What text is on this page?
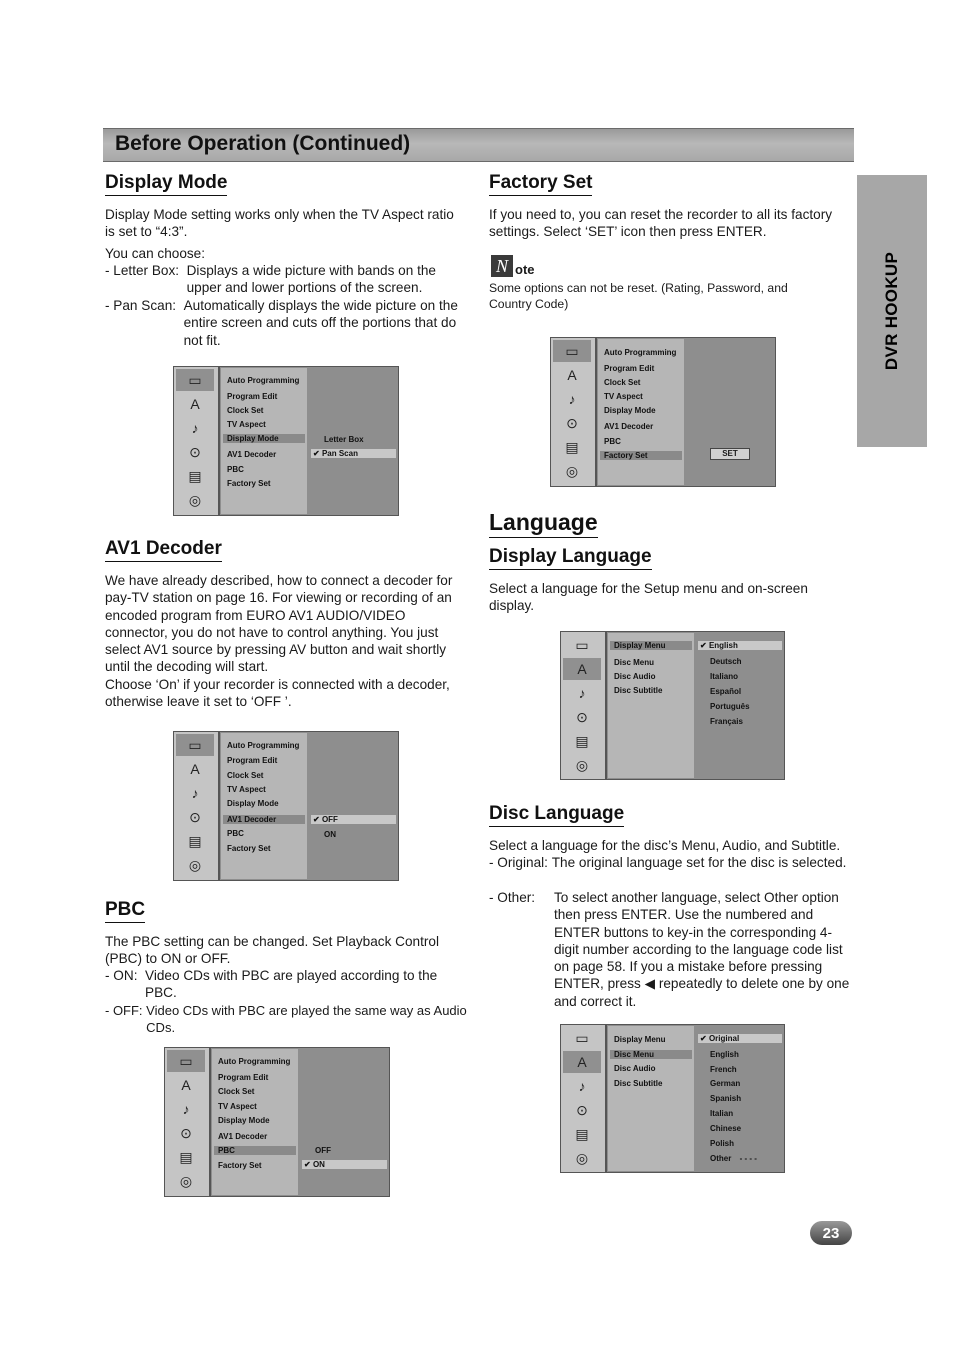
Before Operation (Continued)
DVR HOOKUP
Display Mode

Display Mode setting works only when the TV Aspect ratio is set to “4:3”.

You can choose:

- Letter Box: Displays a wide picture with bands on the upper and lower portions of the screen.
- Pan Scan: Automatically displays the wide picture on the entire screen and cuts off the portions that do not fit.
▭
A
♪
⊙
▤
◎
Auto Programming
Program Edit
Clock Set
TV Aspect
Display Mode
AV1 Decoder
PBC
Factory Set
Letter Box
✔ Pan Scan
AV1 Decoder

We have already described, how to connect a decoder for pay-TV station on page 16. For viewing or recording of an encoded program from EURO AV1 AUDIO/VIDEO connector, you do not have to control anything. You just select AV1 source by pressing AV button and wait shortly until the decoding will start.

Choose ‘On’ if your recorder is connected with a decoder, otherwise leave it set to ‘OFF ’.

▭
A
♪
⊙
▤
◎
Auto Programming
Program Edit
Clock Set
TV Aspect
Display Mode
AV1 Decoder
PBC
Factory Set
✔ OFF
ON
PBC

The PBC setting can be changed. Set Playback Control (PBC) to ON or OFF.

- ON: Video CDs with PBC are played according to the PBC.
- OFF: Video CDs with PBC are played the same way as Audio CDs.
▭
A
♪
⊙
▤
◎
Auto Programming
Program Edit
Clock Set
TV Aspect
Display Mode
AV1 Decoder
PBC
Factory Set
OFF
✔ ON
Factory Set

If you need to, you can reset the recorder to all its factory settings. Select ‘SET’ icon then press ENTER.

N ote

Some options can not be reset. (Rating, Password, and Country Code)

▭
A
♪
⊙
▤
◎
Auto Programming
Program Edit
Clock Set
TV Aspect
Display Mode
AV1 Decoder
PBC
Factory Set	SET
Language
Display Language

Select a language for the Setup menu and on-screen display.

▭
A
♪
⊙
▤
◎
Display Menu
Disc Menu
Disc Audio
Disc Subtitle
✔ English
Deutsch
Italiano
Español
Português
Français
Disc Language

Select a language for the disc’s Menu, Audio, and Subtitle.

- Original: The original language set for the disc is selected.
- Other: To select another language, select Other option then press ENTER. Use the numbered and ENTER buttons to key-in the corresponding 4-digit number according to the language code list on page 58. If you a mistake before pressing ENTER, press ◀ repeatedly to delete one by one and correct it.
▭
A
♪
⊙
▤
◎
Display Menu
Disc Menu
Disc Audio
Disc Subtitle
✔ Original
English
French
German
Spanish
Italian
Chinese
Polish
Other - - - -
23
